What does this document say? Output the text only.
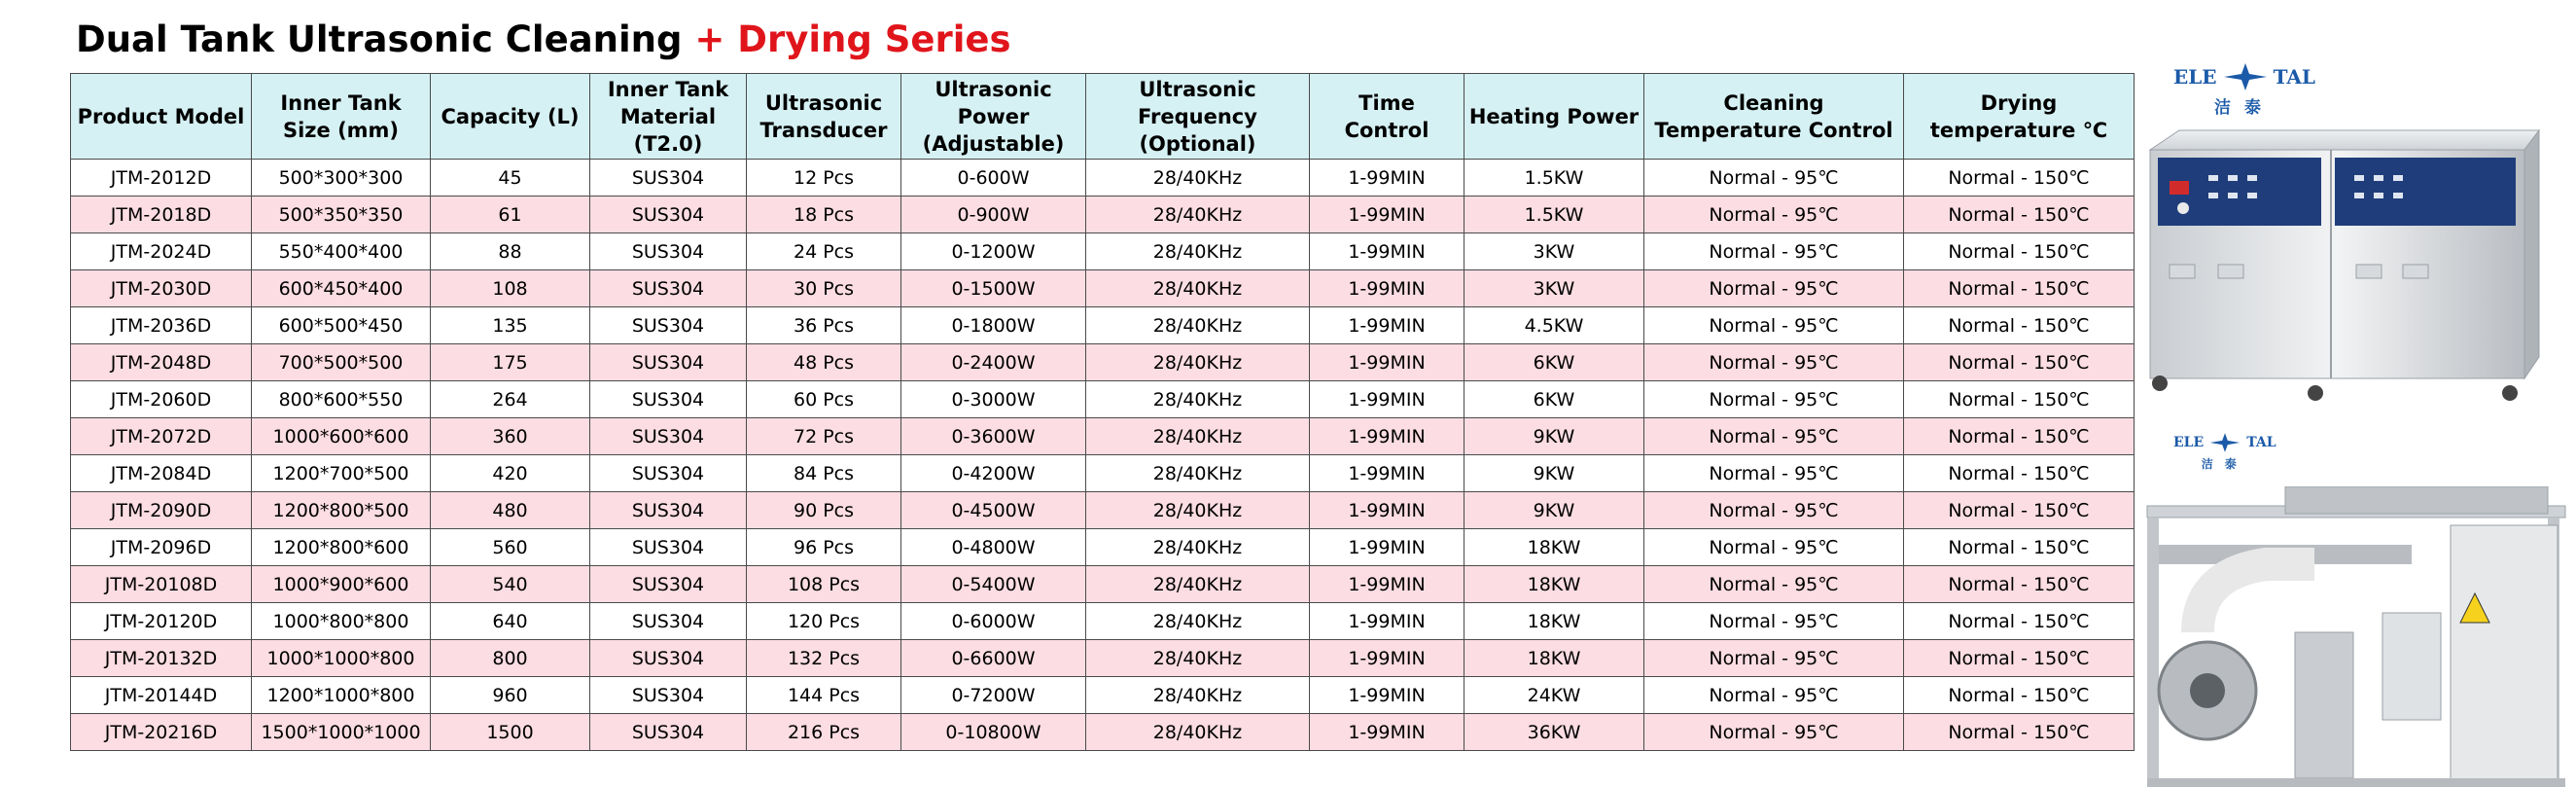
Dual Tank Ultrasonic Cleaning + Drying Series
Product Model	Inner Tank Size (mm)	Capacity (L)	Inner Tank Material (T2.0)	Ultrasonic Transducer	Ultrasonic Power (Adjustable)	Ultrasonic Frequency (Optional)	Time Control	Heating Power	Cleaning Temperature Control	Drying temperature ℃
JTM-2012D	500*300*300	45	SUS304	12 Pcs	0-600W	28/40KHz	1-99MIN	1.5KW	Normal - 95℃	Normal - 150℃
JTM-2018D	500*350*350	61	SUS304	18 Pcs	0-900W	28/40KHz	1-99MIN	1.5KW	Normal - 95℃	Normal - 150℃
JTM-2024D	550*400*400	88	SUS304	24 Pcs	0-1200W	28/40KHz	1-99MIN	3KW	Normal - 95℃	Normal - 150℃
JTM-2030D	600*450*400	108	SUS304	30 Pcs	0-1500W	28/40KHz	1-99MIN	3KW	Normal - 95℃	Normal - 150℃
JTM-2036D	600*500*450	135	SUS304	36 Pcs	0-1800W	28/40KHz	1-99MIN	4.5KW	Normal - 95℃	Normal - 150℃
JTM-2048D	700*500*500	175	SUS304	48 Pcs	0-2400W	28/40KHz	1-99MIN	6KW	Normal - 95℃	Normal - 150℃
JTM-2060D	800*600*550	264	SUS304	60 Pcs	0-3000W	28/40KHz	1-99MIN	6KW	Normal - 95℃	Normal - 150℃
JTM-2072D	1000*600*600	360	SUS304	72 Pcs	0-3600W	28/40KHz	1-99MIN	9KW	Normal - 95℃	Normal - 150℃
JTM-2084D	1200*700*500	420	SUS304	84 Pcs	0-4200W	28/40KHz	1-99MIN	9KW	Normal - 95℃	Normal - 150℃
JTM-2090D	1200*800*500	480	SUS304	90 Pcs	0-4500W	28/40KHz	1-99MIN	9KW	Normal - 95℃	Normal - 150℃
JTM-2096D	1200*800*600	560	SUS304	96 Pcs	0-4800W	28/40KHz	1-99MIN	18KW	Normal - 95℃	Normal - 150℃
JTM-20108D	1000*900*600	540	SUS304	108 Pcs	0-5400W	28/40KHz	1-99MIN	18KW	Normal - 95℃	Normal - 150℃
JTM-20120D	1000*800*800	640	SUS304	120 Pcs	0-6000W	28/40KHz	1-99MIN	18KW	Normal - 95℃	Normal - 150℃
JTM-20132D	1000*1000*800	800	SUS304	132 Pcs	0-6600W	28/40KHz	1-99MIN	18KW	Normal - 95℃	Normal - 150℃
JTM-20144D	1200*1000*800	960	SUS304	144 Pcs	0-7200W	28/40KHz	1-99MIN	24KW	Normal - 95℃	Normal - 150℃
JTM-20216D	1500*1000*1000	1500	SUS304	216 Pcs	0-10800W	28/40KHz	1-99MIN	36KW	Normal - 95℃	Normal - 150℃
ELE	TAL
洁泰
ELE	TAL
洁泰
